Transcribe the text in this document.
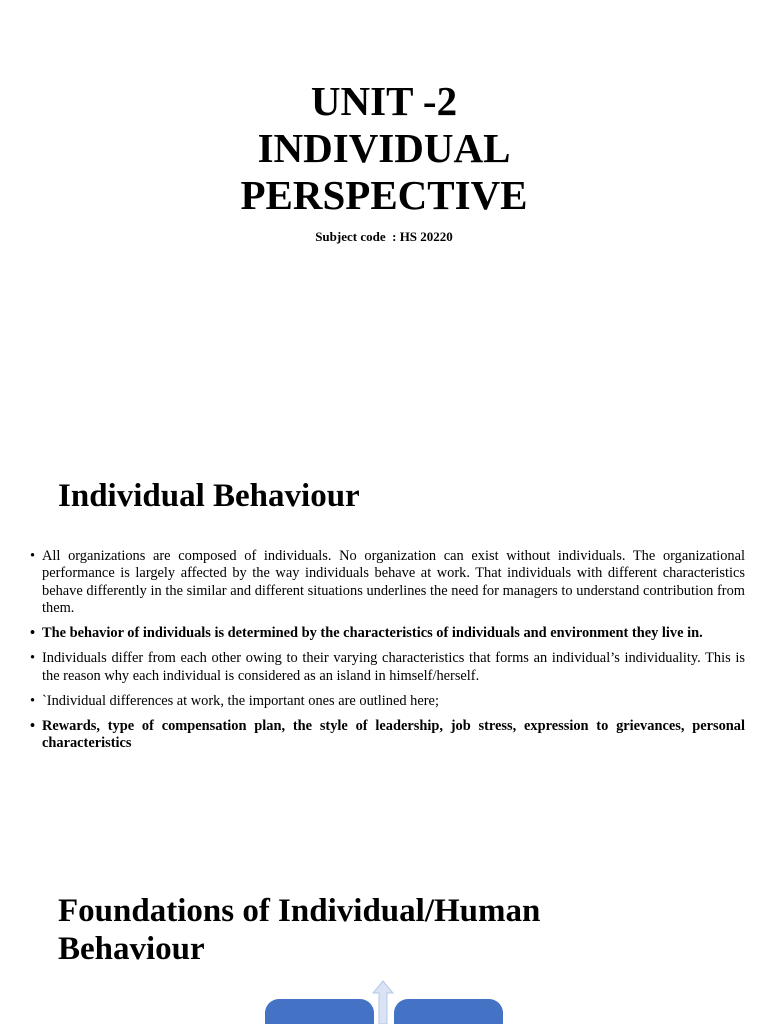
UNIT -2
INDIVIDUAL
PERSPECTIVE
Subject code  : HS 20220
Individual Behaviour
• All organizations are composed of individuals. No organization can exist without individuals. The organizational performance is largely affected by the way individuals behave at work. That individuals with different characteristics behave differently in the similar and different situations underlines the need for managers to understand contribution from them.
• The behavior of individuals is determined by the characteristics of individuals and environment they live in.
• Individuals differ from each other owing to their varying characteristics that forms an individual’s individuality. This is the reason why each individual is considered as an island in himself/herself.
• `Individual differences at work, the important ones are outlined here;
• Rewards, type of compensation plan, the style of leadership, job stress, expression to grievances, personal characteristics
Foundations of Individual/Human
Behaviour
